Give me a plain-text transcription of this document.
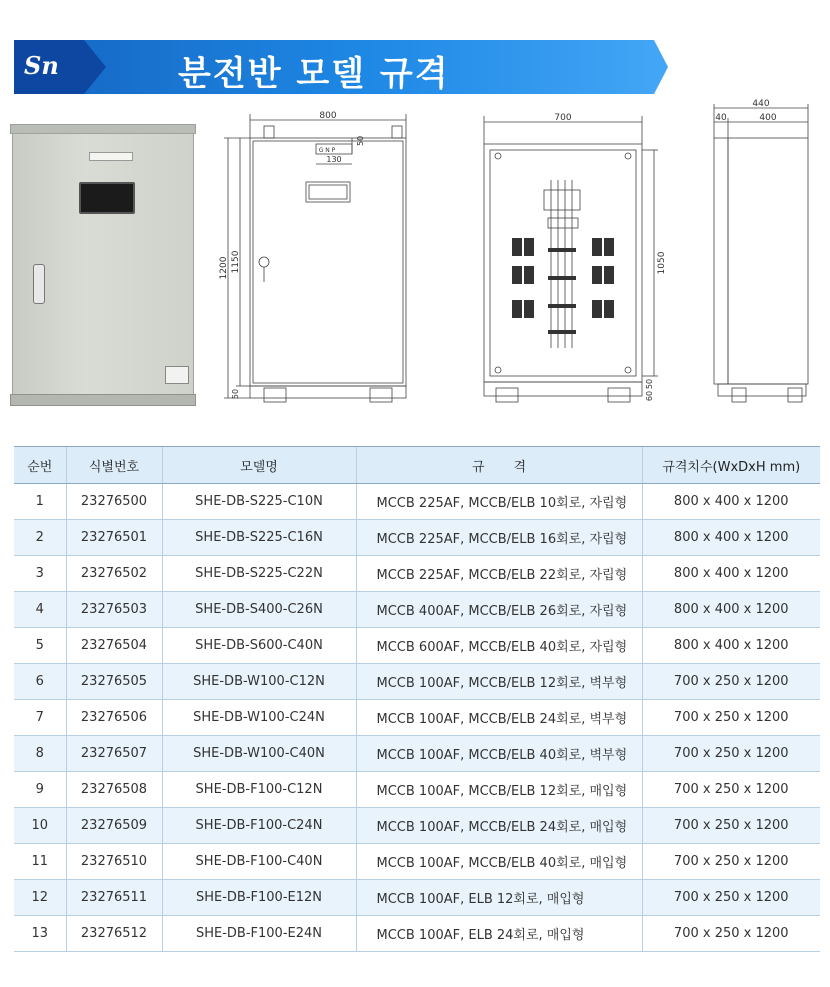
Sn	분전반 모델 규격
800
G N P
130
50
1200 1150
50
700
1050
50
60
440
40	400
순번	식별번호	모델명	규       격	규격치수(WxDxH mm)
1	23276500	SHE-DB-S225-C10N	MCCB 225AF, MCCB/ELB 10회로, 자립형	800 x 400 x 1200
2	23276501	SHE-DB-S225-C16N	MCCB 225AF, MCCB/ELB 16회로, 자립형	800 x 400 x 1200
3	23276502	SHE-DB-S225-C22N	MCCB 225AF, MCCB/ELB 22회로, 자립형	800 x 400 x 1200
4	23276503	SHE-DB-S400-C26N	MCCB 400AF, MCCB/ELB 26회로, 자립형	800 x 400 x 1200
5	23276504	SHE-DB-S600-C40N	MCCB 600AF, MCCB/ELB 40회로, 자립형	800 x 400 x 1200
6	23276505	SHE-DB-W100-C12N	MCCB 100AF, MCCB/ELB 12회로, 벽부형	700 x 250 x 1200
7	23276506	SHE-DB-W100-C24N	MCCB 100AF, MCCB/ELB 24회로, 벽부형	700 x 250 x 1200
8	23276507	SHE-DB-W100-C40N	MCCB 100AF, MCCB/ELB 40회로, 벽부형	700 x 250 x 1200
9	23276508	SHE-DB-F100-C12N	MCCB 100AF, MCCB/ELB 12회로, 매입형	700 x 250 x 1200
10	23276509	SHE-DB-F100-C24N	MCCB 100AF, MCCB/ELB 24회로, 매입형	700 x 250 x 1200
11	23276510	SHE-DB-F100-C40N	MCCB 100AF, MCCB/ELB 40회로, 매입형	700 x 250 x 1200
12	23276511	SHE-DB-F100-E12N	MCCB 100AF, ELB 12회로, 매입형	700 x 250 x 1200
13	23276512	SHE-DB-F100-E24N	MCCB 100AF, ELB 24회로, 매입형	700 x 250 x 1200
